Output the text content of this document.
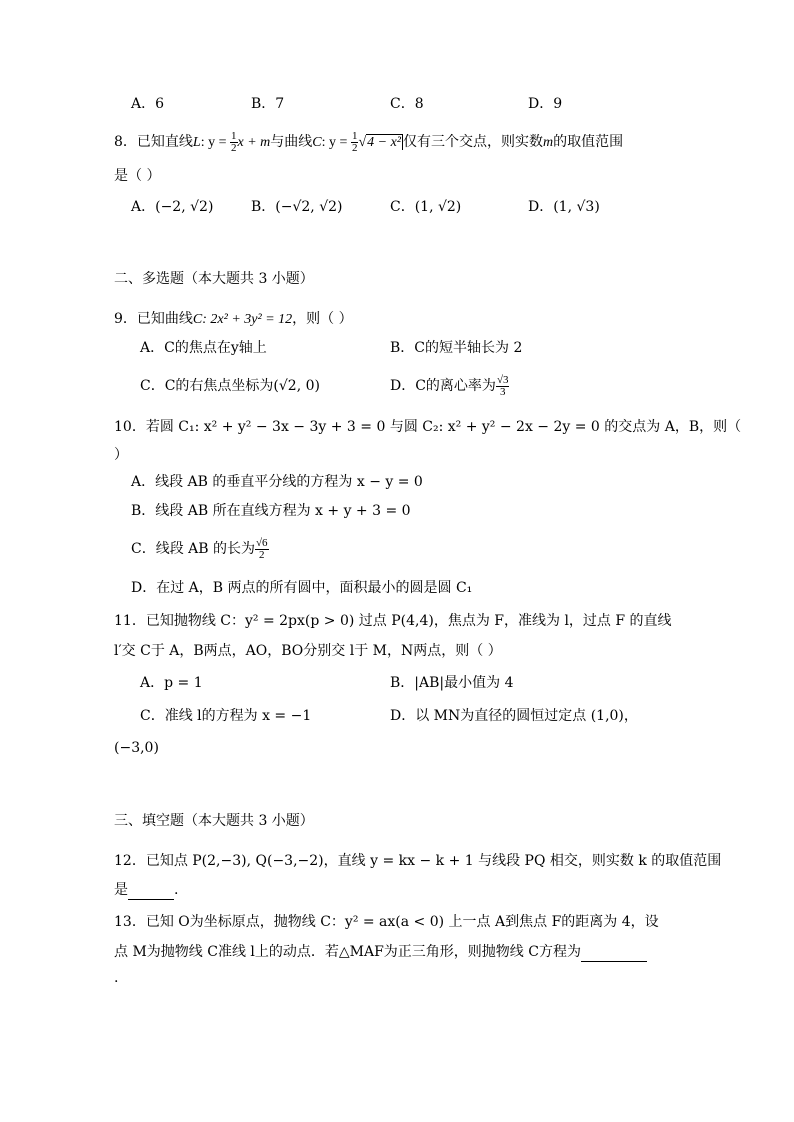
A．6	B．7	C．8	D．9
8．已知直线L: $y = \frac{1}{2}$ x + m与曲线C: $y = \frac{1}{2} √4 - x^2$ 仅有三个交点，则实数m的取值范围
是（ ）
A．(−2, √2)	B．(−√2, √2)	C．(1, √2)	D．(1, √3)
二、多选题（本大题共 3 小题）
9．已知曲线C: 2x² + 3y² = 12，则（ ）
A．C的焦点在y轴上	B．C的短半轴长为 2
C．C的右焦点坐标为(√2, 0)	D．C的离心率为 $\frac{√3}{3}$
10．若圆 C₁: x² + y² − 3x − 3y + 3 = 0 与圆 C₂: x² + y² − 2x − 2y = 0 的交点为 A，B，则（
）
A．线段 AB 的垂直平分线的方程为 x − y = 0
B．线段 AB 所在直线方程为 x + y + 3 = 0
C．线段 AB 的长为 $\frac{√6}{2}$
D．在过 A，B 两点的所有圆中，面积最小的圆是圆 C₁
11．已知抛物线 C：y² = 2px(p > 0) 过点 P(4,4)，焦点为 F，准线为 l，过点 F 的直线
l′交 C于 A，B两点，AO，BO分别交 l于 M，N两点，则（ ）
A．p = 1	B．|AB|最小值为 4
C．准线 l的方程为 x = −1	D．以 MN为直径的圆恒过定点 (1,0)，
(−3,0)
三、填空题（本大题共 3 小题）
12．已知点 P(2,−3), Q(−3,−2)，直线 y = kx − k + 1 与线段 PQ 相交，则实数 k 的取值范围
是	.
13．已知 O为坐标原点，抛物线 C：y² = ax(a < 0) 上一点 A到焦点 F的距离为 4，设
点 M为抛物线 C准线 l上的动点．若△MAF为正三角形，则抛物线 C方程为
.
